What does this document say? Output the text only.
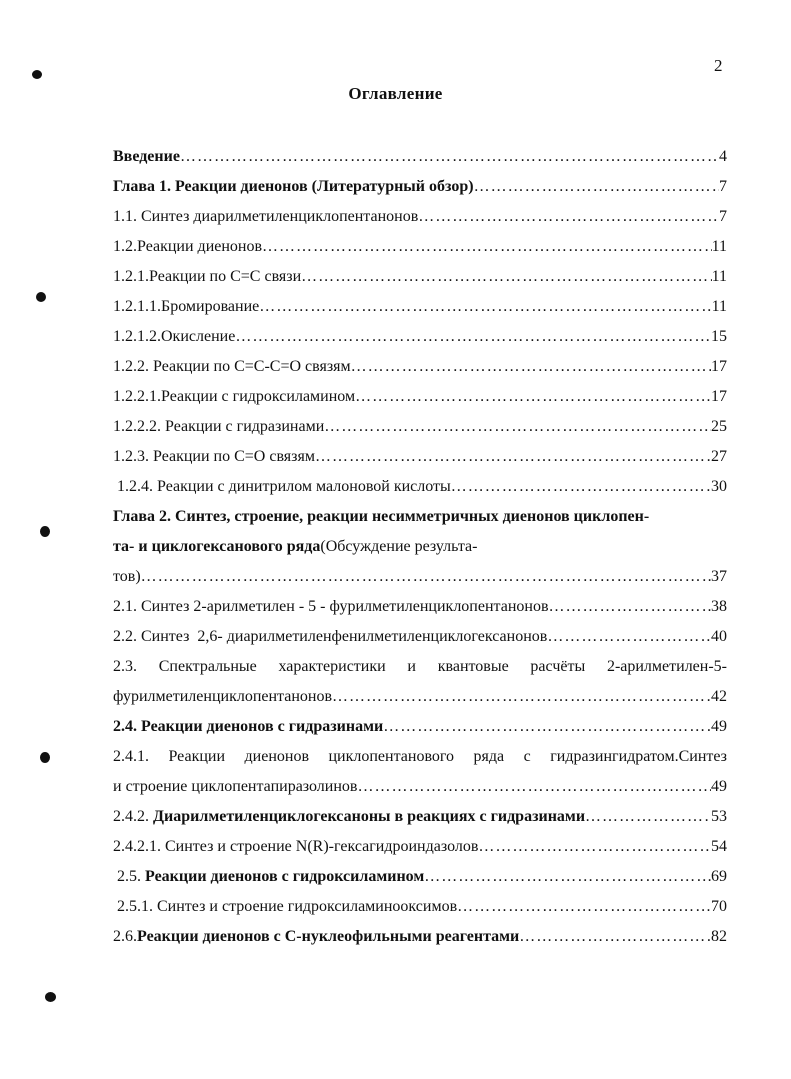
2
Оглавление
Введение ……………………………………………………………………………………………………………………………………………………	4
Глава 1. Реакции диенонов (Литературный обзор) ……………………………………………………………………………………………………………………………………………………	7
1.1. Синтез диарилметиленциклопентанонов ……………………………………………………………………………………………………………………………………………………	7
1.2.Реакции диенонов ……………………………………………………………………………………………………………………………………………………	11
1.2.1.Реакции по С=С связи ……………………………………………………………………………………………………………………………………………………	11
1.2.1.1.Бромирование ……………………………………………………………………………………………………………………………………………………	11
1.2.1.2.Окисление ……………………………………………………………………………………………………………………………………………………	15
1.2.2. Реакции по С=С-С=О связям ……………………………………………………………………………………………………………………………………………………	17
1.2.2.1.Реакции с гидроксиламином ……………………………………………………………………………………………………………………………………………………	17
1.2.2.2. Реакции с гидразинами ……………………………………………………………………………………………………………………………………………………	25
1.2.3. Реакции по С=О связям ……………………………………………………………………………………………………………………………………………………	27
1.2.4. Реакции с динитрилом малоновой кислоты ……………………………………………………………………………………………………………………………………………………	30
Глава 2. Синтез, строение, реакции несимметричных диенонов циклопен-
та- и циклогексанового ряда(Обсуждение результа-
тов) ……………………………………………………………………………………………………………………………………………………	37
2.1. Синтез 2-арилметилен - 5 - фурилметиленциклопентанонов ……………………………………………………………………………………………………………………………………………………	38
2.2. Синтез  2,6- диарилметиленфенилметиленциклогексанонов ……………………………………………………………………………………………………………………………………………………	40
2.3. Спектральные характеристики и квантовые расчёты 2-арилметилен-5-
фурилметиленциклопентанонов ……………………………………………………………………………………………………………………………………………………	42
2.4. Реакции диенонов с гидразинами ……………………………………………………………………………………………………………………………………………………	49
2.4.1. Реакции диенонов циклопентанового ряда с гидразингидратом.Синтез
и строение циклопентапиразолинов ……………………………………………………………………………………………………………………………………………………	49
2.4.2. Диарилметиленциклогексаноны в реакциях с гидразинами ……………………………………………………………………………………………………………………………………………………	53
2.4.2.1. Синтез и строение N(R)-гексагидроиндазолов ……………………………………………………………………………………………………………………………………………………	54
2.5. Реакции диенонов с гидроксиламином ……………………………………………………………………………………………………………………………………………………	69
2.5.1. Синтез и строение гидроксиламинооксимов ……………………………………………………………………………………………………………………………………………………	70
2.6.Реакции диенонов с С-нуклеофильными реагентами ……………………………………………………………………………………………………………………………………………………	82
